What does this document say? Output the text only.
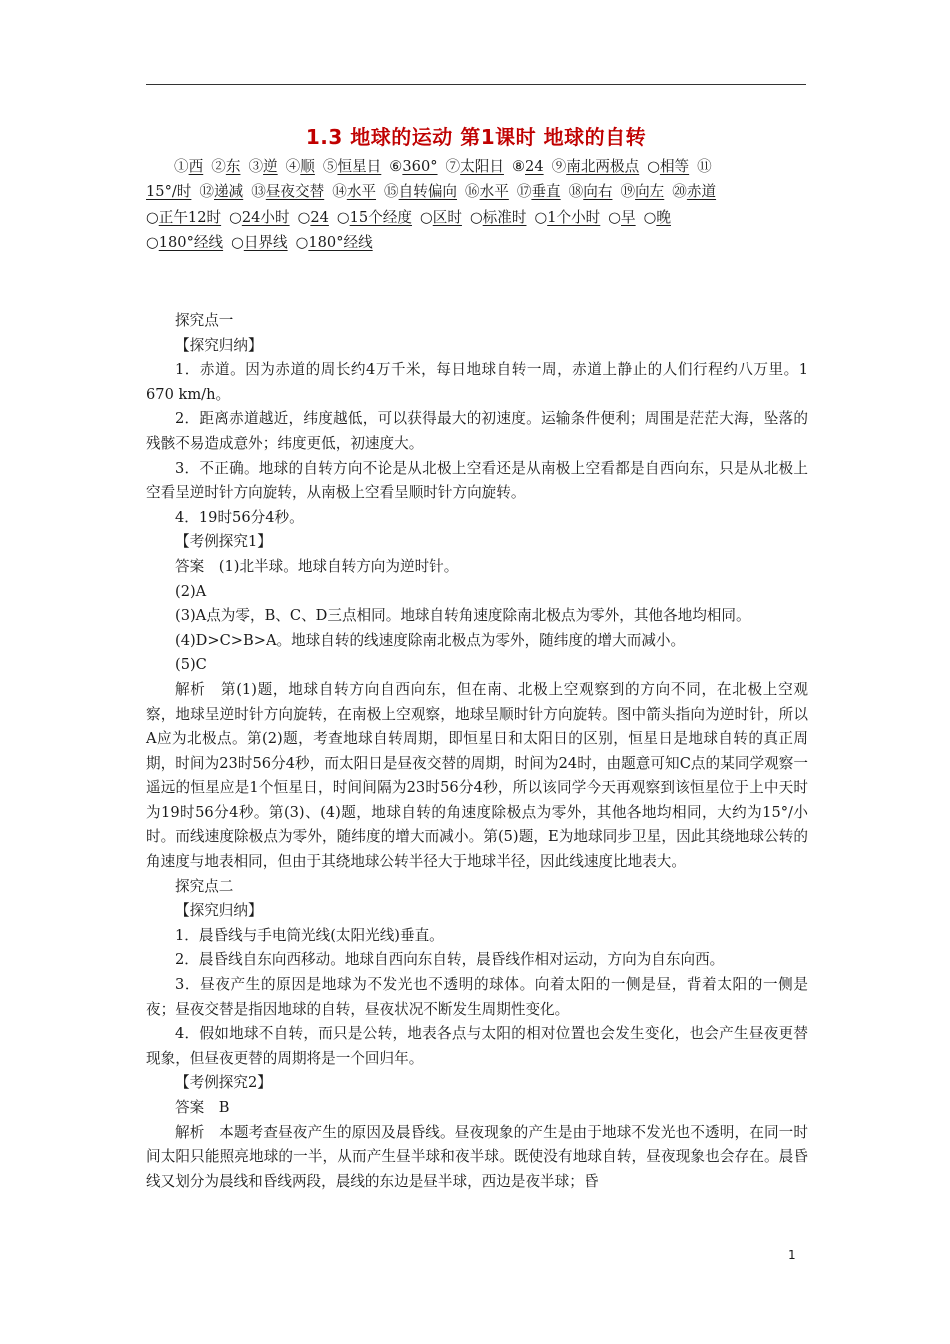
1.3 地球的运动 第1课时 地球的自转
①西 ②东 ③逆 ④顺 ⑤恒星日 ⑥360° ⑦太阳日 ⑧24 ⑨南北两极点 ○相等 ⑪
15°/时 ⑫递减 ⑬昼夜交替 ⑭水平 ⑮自转偏向 ⑯水平 ⑰垂直 ⑱向右 ⑲向左 ⑳赤道
○正午12时 ○24小时 ○24 ○15个经度 ○区时 ○标准时 ○1个小时 ○早 ○晚
○180°经线 ○日界线 ○180°经线

探究点一

【探究归纳】

1．赤道。因为赤道的周长约4万千米，每日地球自转一周，赤道上静止的人们行程约八万里。1 670 km/h。

2．距离赤道越近，纬度越低，可以获得最大的初速度。运输条件便利；周围是茫茫大海，坠落的残骸不易造成意外；纬度更低，初速度大。

3．不正确。地球的自转方向不论是从北极上空看还是从南极上空看都是自西向东，只是从北极上空看呈逆时针方向旋转，从南极上空看呈顺时针方向旋转。

4．19时56分4秒。

【考例探究1】

答案　(1)北半球。地球自转方向为逆时针。

(2)A

(3)A点为零，B、C、D三点相同。地球自转角速度除南北极点为零外，其他各地均相同。

(4)D>C>B>A。地球自转的线速度除南北极点为零外，随纬度的增大而减小。

(5)C

解析　第(1)题，地球自转方向自西向东，但在南、北极上空观察到的方向不同，在北极上空观察，地球呈逆时针方向旋转，在南极上空观察，地球呈顺时针方向旋转。图中箭头指向为逆时针，所以A应为北极点。第(2)题，考查地球自转周期，即恒星日和太阳日的区别，恒星日是地球自转的真正周期，时间为23时56分4秒，而太阳日是昼夜交替的周期，时间为24时，由题意可知C点的某同学观察一遥远的恒星应是1个恒星日，时间间隔为23时56分4秒，所以该同学今天再观察到该恒星位于上中天时为19时56分4秒。第(3)、(4)题，地球自转的角速度除极点为零外，其他各地均相同，大约为15°/小时。而线速度除极点为零外，随纬度的增大而减小。第(5)题，E为地球同步卫星，因此其绕地球公转的角速度与地表相同，但由于其绕地球公转半径大于地球半径，因此线速度比地表大。

探究点二

【探究归纳】

1．晨昏线与手电筒光线(太阳光线)垂直。

2．晨昏线自东向西移动。地球自西向东自转，晨昏线作相对运动，方向为自东向西。

3．昼夜产生的原因是地球为不发光也不透明的球体。向着太阳的一侧是昼，背着太阳的一侧是夜；昼夜交替是指因地球的自转，昼夜状况不断发生周期性变化。

4．假如地球不自转，而只是公转，地表各点与太阳的相对位置也会发生变化，也会产生昼夜更替现象，但昼夜更替的周期将是一个回归年。

【考例探究2】

答案　B

解析　本题考查昼夜产生的原因及晨昏线。昼夜现象的产生是由于地球不发光也不透明，在同一时间太阳只能照亮地球的一半，从而产生昼半球和夜半球。既使没有地球自转，昼夜现象也会存在。晨昏线又划分为晨线和昏线两段，晨线的东边是昼半球，西边是夜半球；昏

1
